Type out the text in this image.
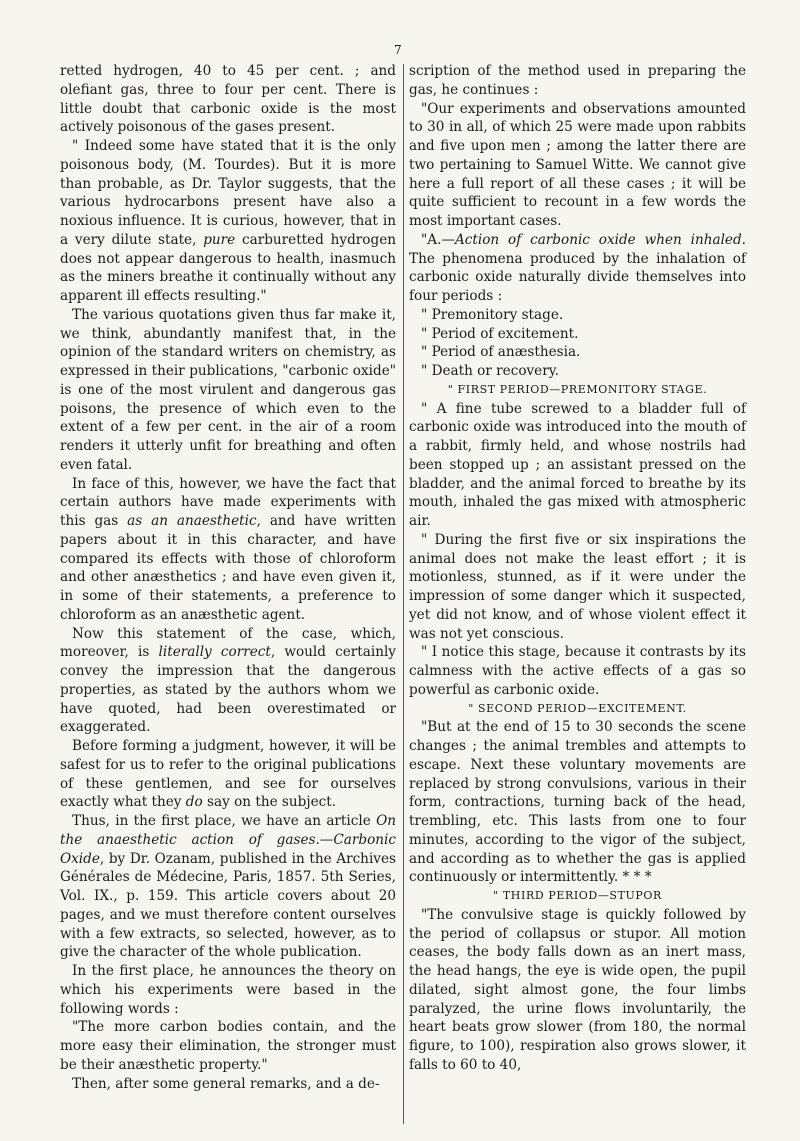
7

retted hydrogen, 40 to 45 per cent. ; and olefiant gas, three to four per cent. There is little doubt that carbonic oxide is the most actively poisonous of the gases present.

" Indeed some have stated that it is the only poisonous body, (M. Tourdes). But it is more than probable, as Dr. Taylor suggests, that the various hydrocarbons present have also a noxious influence. It is curious, however, that in a very dilute state, pure carburetted hydrogen does not appear dangerous to health, inasmuch as the miners breathe it continually without any apparent ill effects resulting."

The various quotations given thus far make it, we think, abundantly manifest that, in the opinion of the standard writers on chemistry, as expressed in their publications, "carbonic oxide" is one of the most virulent and dangerous gas poisons, the presence of which even to the extent of a few per cent. in the air of a room renders it utterly unfit for breathing and often even fatal.

In face of this, however, we have the fact that certain authors have made experiments with this gas as an anaesthetic, and have written papers about it in this character, and have compared its effects with those of chloroform and other anæsthetics ; and have even given it, in some of their statements, a preference to chloroform as an anæsthetic agent.

Now this statement of the case, which, moreover, is literally correct, would certainly convey the impression that the dangerous properties, as stated by the authors whom we have quoted, had been overestimated or exaggerated.

Before forming a judgment, however, it will be safest for us to refer to the original publications of these gentlemen, and see for ourselves exactly what they do say on the subject.

Thus, in the first place, we have an article On the anaesthetic action of gases.—Carbonic Oxide, by Dr. Ozanam, published in the Archives Générales de Médecine, Paris, 1857. 5th Series, Vol. IX., p. 159. This article covers about 20 pages, and we must therefore content ourselves with a few extracts, so selected, however, as to give the character of the whole publication.

In the first place, he announces the theory on which his experiments were based in the following words :

"The more carbon bodies contain, and the more easy their elimination, the stronger must be their anæsthetic property."

Then, after some general remarks, and a de-

scription of the method used in preparing the gas, he continues :

"Our experiments and observations amounted to 30 in all, of which 25 were made upon rabbits and five upon men ; among the latter there are two pertaining to Samuel Witte. We cannot give here a full report of all these cases ; it will be quite sufficient to recount in a few words the most important cases.

"A.—Action of carbonic oxide when inhaled. The phenomena produced by the inhalation of carbonic oxide naturally divide themselves into four periods :

" Premonitory stage.

" Period of excitement.

" Period of anæsthesia.

" Death or recovery.

" FIRST PERIOD—PREMONITORY STAGE.

" A fine tube screwed to a bladder full of carbonic oxide was introduced into the mouth of a rabbit, firmly held, and whose nostrils had been stopped up ; an assistant pressed on the bladder, and the animal forced to breathe by its mouth, inhaled the gas mixed with atmospheric air.

" During the first five or six inspirations the animal does not make the least effort ; it is motionless, stunned, as if it were under the impression of some danger which it suspected, yet did not know, and of whose violent effect it was not yet conscious.

" I notice this stage, because it contrasts by its calmness with the active effects of a gas so powerful as carbonic oxide.

" SECOND PERIOD—EXCITEMENT.

"But at the end of 15 to 30 seconds the scene changes ; the animal trembles and attempts to escape. Next these voluntary movements are replaced by strong convulsions, various in their form, contractions, turning back of the head, trembling, etc. This lasts from one to four minutes, according to the vigor of the subject, and according as to whether the gas is applied continuously or intermittently. * * *

" THIRD PERIOD—STUPOR

"The convulsive stage is quickly followed by the period of collapsus or stupor. All motion ceases, the body falls down as an inert mass, the head hangs, the eye is wide open, the pupil dilated, sight almost gone, the four limbs paralyzed, the urine flows involuntarily, the heart beats grow slower (from 180, the normal figure, to 100), respiration also grows slower, it falls to 60 to 40,
